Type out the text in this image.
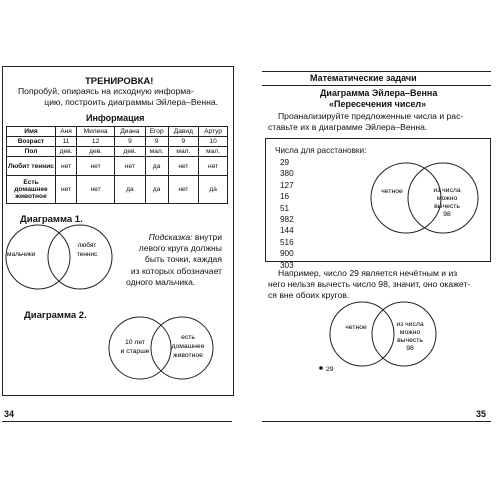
ТРЕНИРОВКА!
Попробуй, опираясь на исходную информа-
цию, построить диаграммы Эйлера–Венна.
Информация
Имя	Аня	Милена	Диана	Егор	Давид	Артур
Возраст	11	12	9	9	9	10
Пол	дев.	дев.	дев.	мал.	мал.	мал.
Любит теннис	нет	нет	нет	да	нет	нет
Есть домашнее животное	нет	нет	да	да	нет	да
Диаграмма 1.
мальчики
любят
теннис
Подсказка: внутри
левого круга должны
быть точки, каждая
из которых обозначает
одного мальчика.
Диаграмма 2.
10 лет
и старше
есть
домашнее
животное
34
Математические задачи
Диаграмма Эйлера–Венна
«Пересечения чисел»
Проанализируйте предложенные числа и рас-
ставьте их в диаграмме Эйлера–Венна.
Числа для расстановки:
29
380
127
16
51
982
144
516
900
303
четное	из числа
можно
вычесть
98
Например, число 29 является нечётным и из
него нельзя вычесть число 98, значит, оно окажет-
ся вне обоих кругов.
четное	из числа
можно
вычесть
98
29
35
